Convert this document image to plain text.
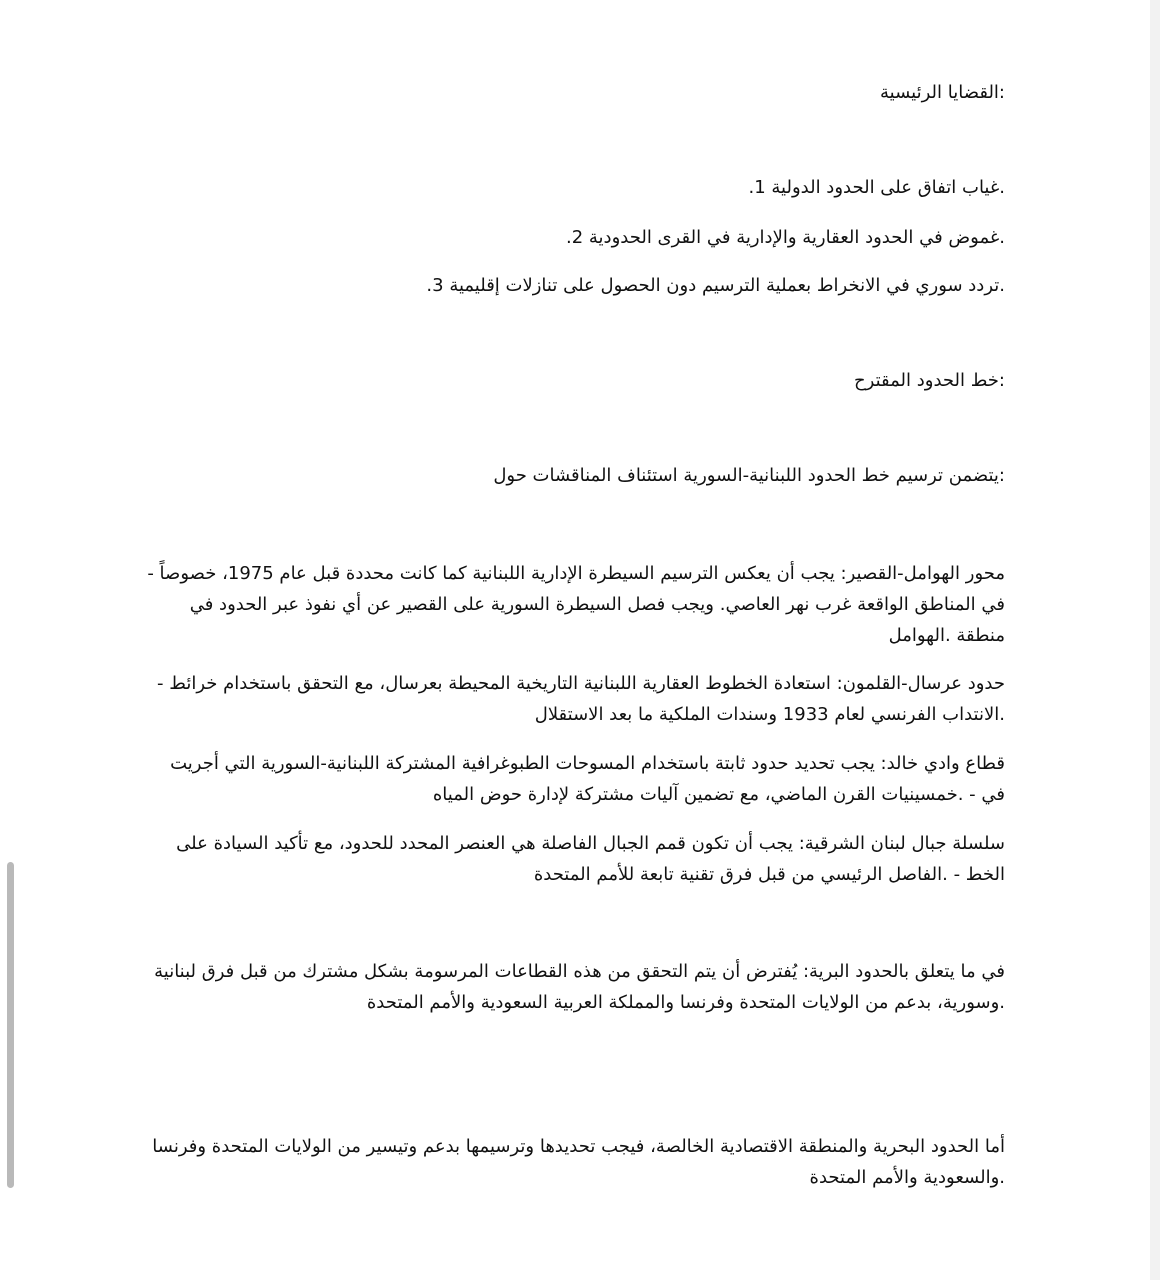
:القضايا الرئيسية
.غياب اتفاق على الحدود الدولية 1.
.غموض في الحدود العقارية والإدارية في القرى الحدودية 2.
.تردد سوري في الانخراط بعملية الترسيم دون الحصول على تنازلات إقليمية 3.
:خط الحدود المقترح
:يتضمن ترسيم خط الحدود اللبنانية-السورية استئناف المناقشات حول
محور الهوامل-القصير: يجب أن يعكس الترسيم السيطرة الإدارية اللبنانية كما كانت محددة قبل عام 1975، خصوصاً - في المناطق الواقعة غرب نهر العاصي. ويجب فصل السيطرة السورية على القصير عن أي نفوذ عبر الحدود في منطقة .الهوامل
حدود عرسال-القلمون: استعادة الخطوط العقارية اللبنانية التاريخية المحيطة بعرسال، مع التحقق باستخدام خرائط - .الانتداب الفرنسي لعام 1933 وسندات الملكية ما بعد الاستقلال
قطاع وادي خالد: يجب تحديد حدود ثابتة باستخدام المسوحات الطبوغرافية المشتركة اللبنانية-السورية التي أجريت في - .خمسينيات القرن الماضي، مع تضمين آليات مشتركة لإدارة حوض المياه
سلسلة جبال لبنان الشرقية: يجب أن تكون قمم الجبال الفاصلة هي العنصر المحدد للحدود، مع تأكيد السيادة على الخط - .الفاصل الرئيسي من قبل فرق تقنية تابعة للأمم المتحدة
في ما يتعلق بالحدود البرية: يُفترض أن يتم التحقق من هذه القطاعات المرسومة بشكل مشترك من قبل فرق لبنانية .وسورية، بدعم من الولايات المتحدة وفرنسا والمملكة العربية السعودية والأمم المتحدة
أما الحدود البحرية والمنطقة الاقتصادية الخالصة، فيجب تحديدها وترسيمها بدعم وتيسير من الولايات المتحدة وفرنسا .والسعودية والأمم المتحدة
